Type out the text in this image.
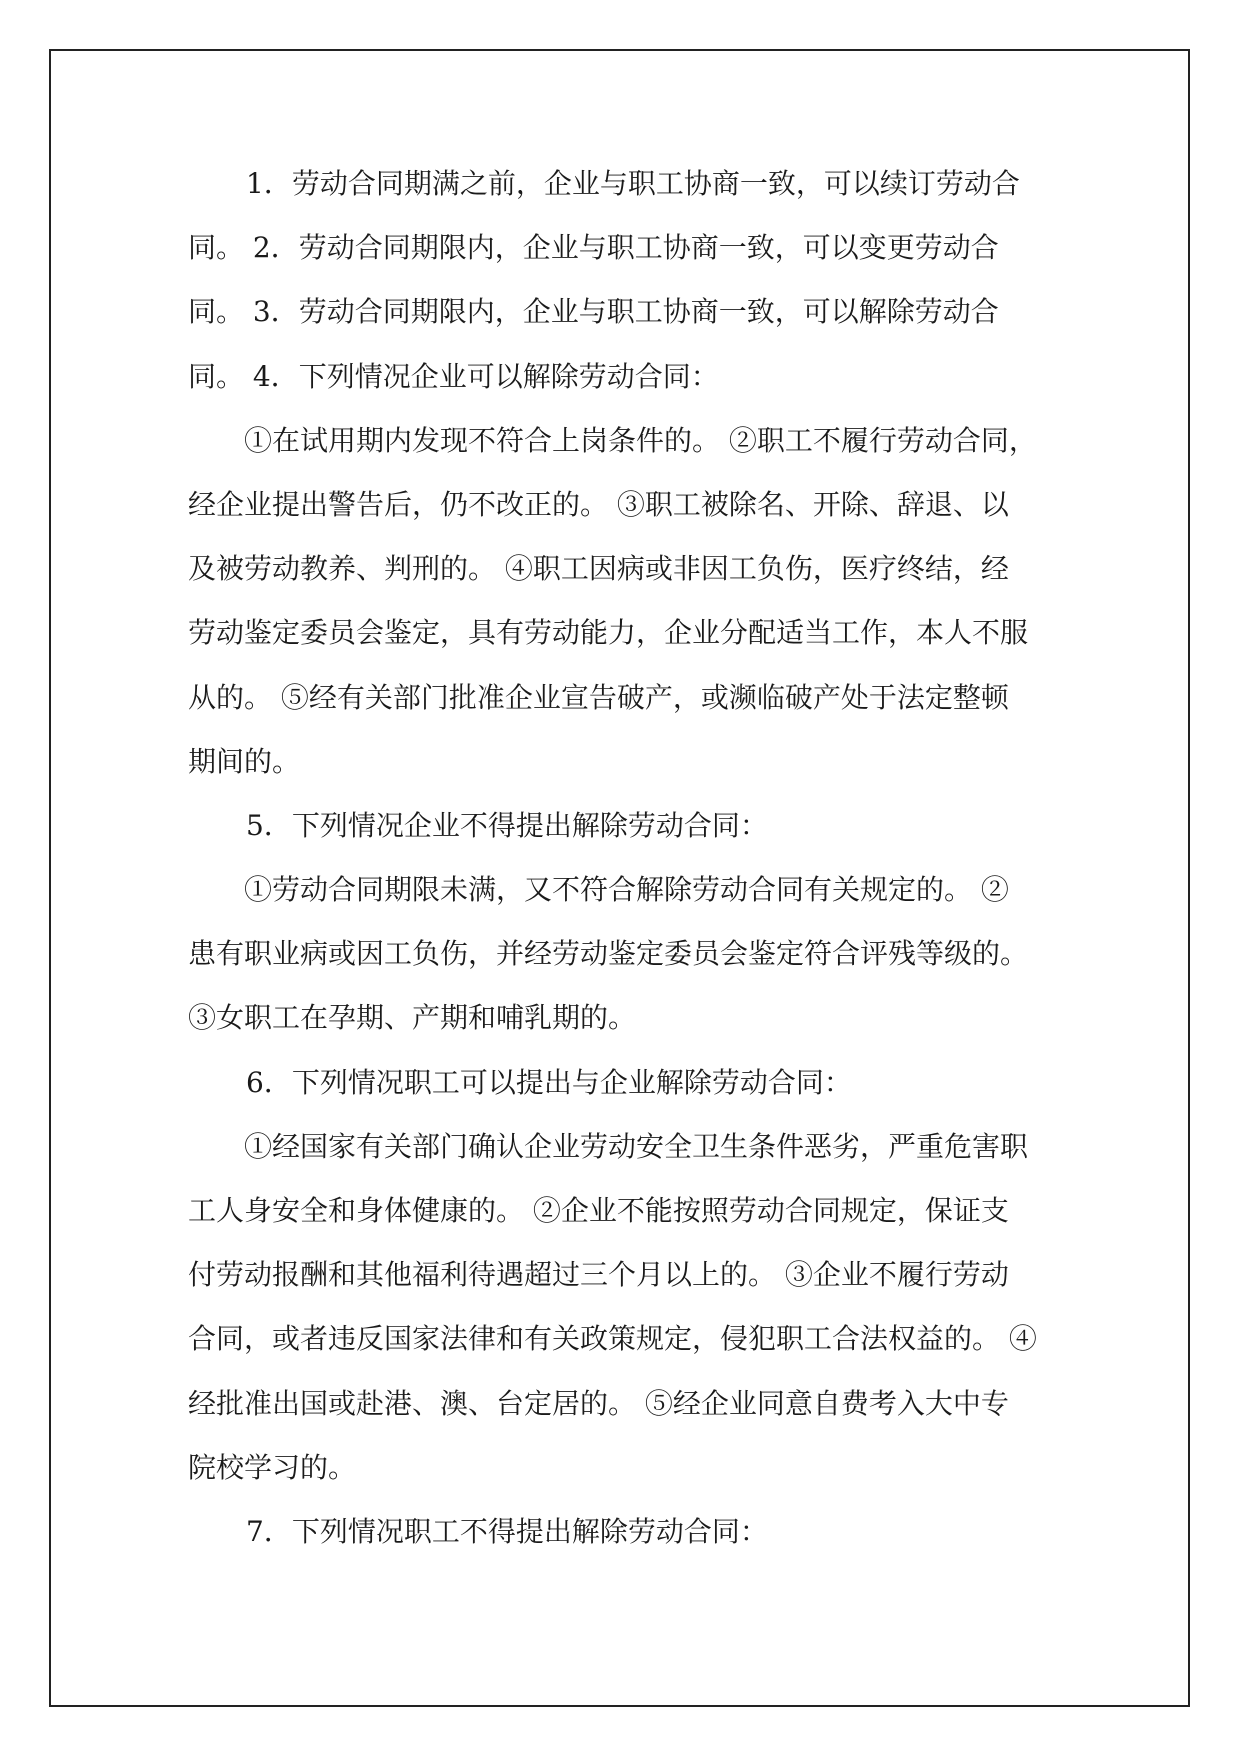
1．劳动合同期满之前，企业与职工协商一致，可以续订劳动合
同。 2．劳动合同期限内，企业与职工协商一致，可以变更劳动合
同。 3．劳动合同期限内，企业与职工协商一致，可以解除劳动合
同。 4．下列情况企业可以解除劳动合同：
①在试用期内发现不符合上岗条件的。 ②职工不履行劳动合同，
经企业提出警告后，仍不改正的。 ③职工被除名、开除、辞退、以
及被劳动教养、判刑的。 ④职工因病或非因工负伤，医疗终结，经
劳动鉴定委员会鉴定，具有劳动能力，企业分配适当工作，本人不服
从的。 ⑤经有关部门批准企业宣告破产，或濒临破产处于法定整顿
期间的。
5．下列情况企业不得提出解除劳动合同：
①劳动合同期限未满，又不符合解除劳动合同有关规定的。 ②
患有职业病或因工负伤，并经劳动鉴定委员会鉴定符合评残等级的。
③女职工在孕期、产期和哺乳期的。
6．下列情况职工可以提出与企业解除劳动合同：
①经国家有关部门确认企业劳动安全卫生条件恶劣，严重危害职
工人身安全和身体健康的。 ②企业不能按照劳动合同规定，保证支
付劳动报酬和其他福利待遇超过三个月以上的。 ③企业不履行劳动
合同，或者违反国家法律和有关政策规定，侵犯职工合法权益的。 ④
经批准出国或赴港、澳、台定居的。 ⑤经企业同意自费考入大中专
院校学习的。
7．下列情况职工不得提出解除劳动合同：
